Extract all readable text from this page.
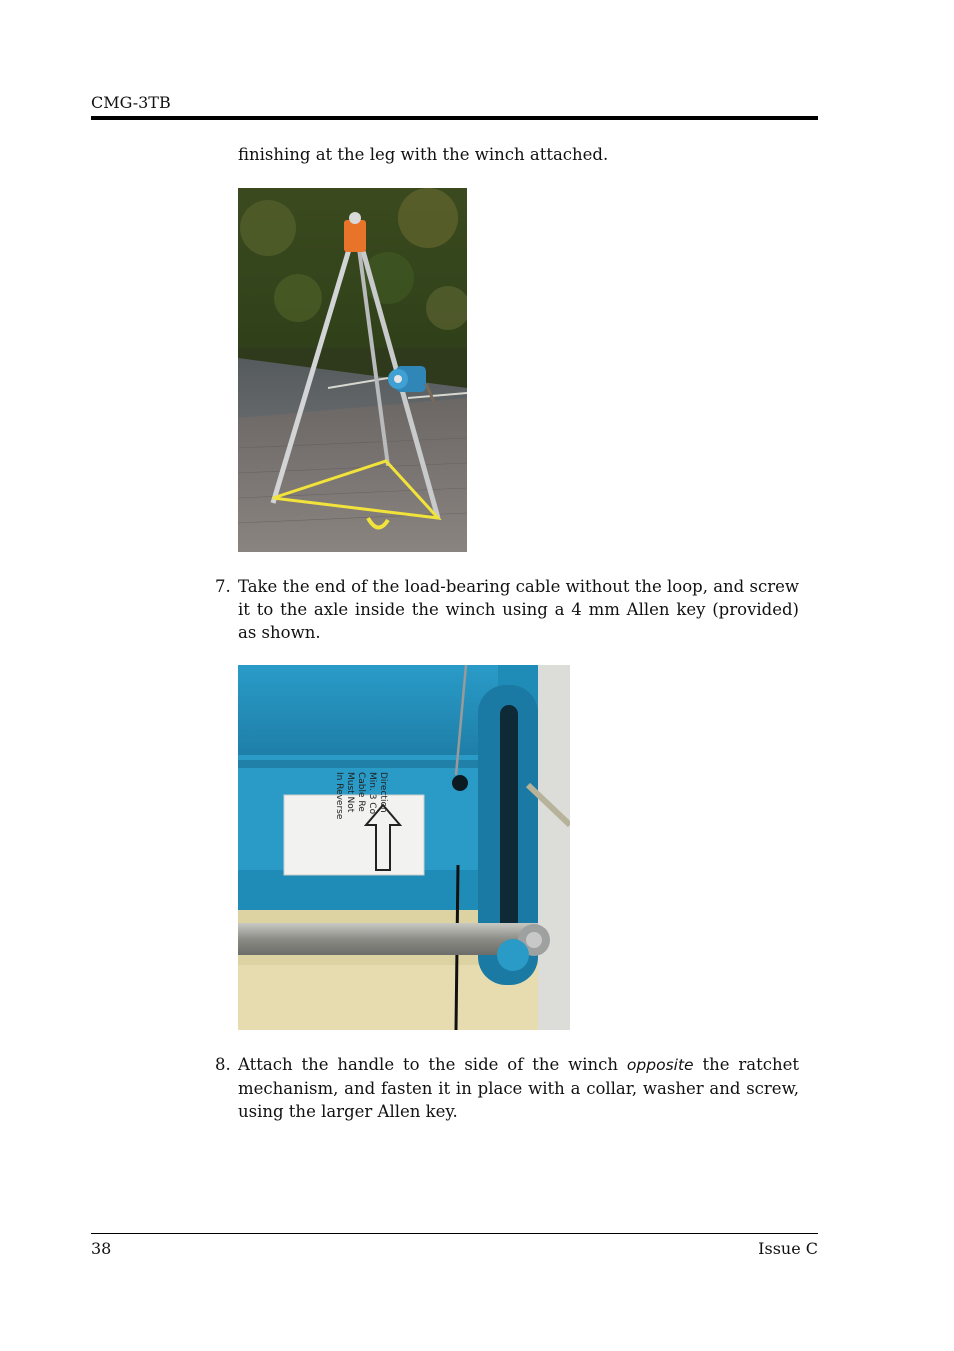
CMG-3TB
finishing at the leg with the winch attached.
7. Take the end of the load-bearing cable without the loop, and screw it to the axle inside the winch using a 4 mm Allen key (provided) as shown.
Direction
Min. 3 Co
Cable Re
Must Not
In Reverse
8. Attach the handle to the side of the winch opposite the ratchet mechanism, and fasten it in place with a collar, washer and screw, using the larger Allen key.
38	Issue C
